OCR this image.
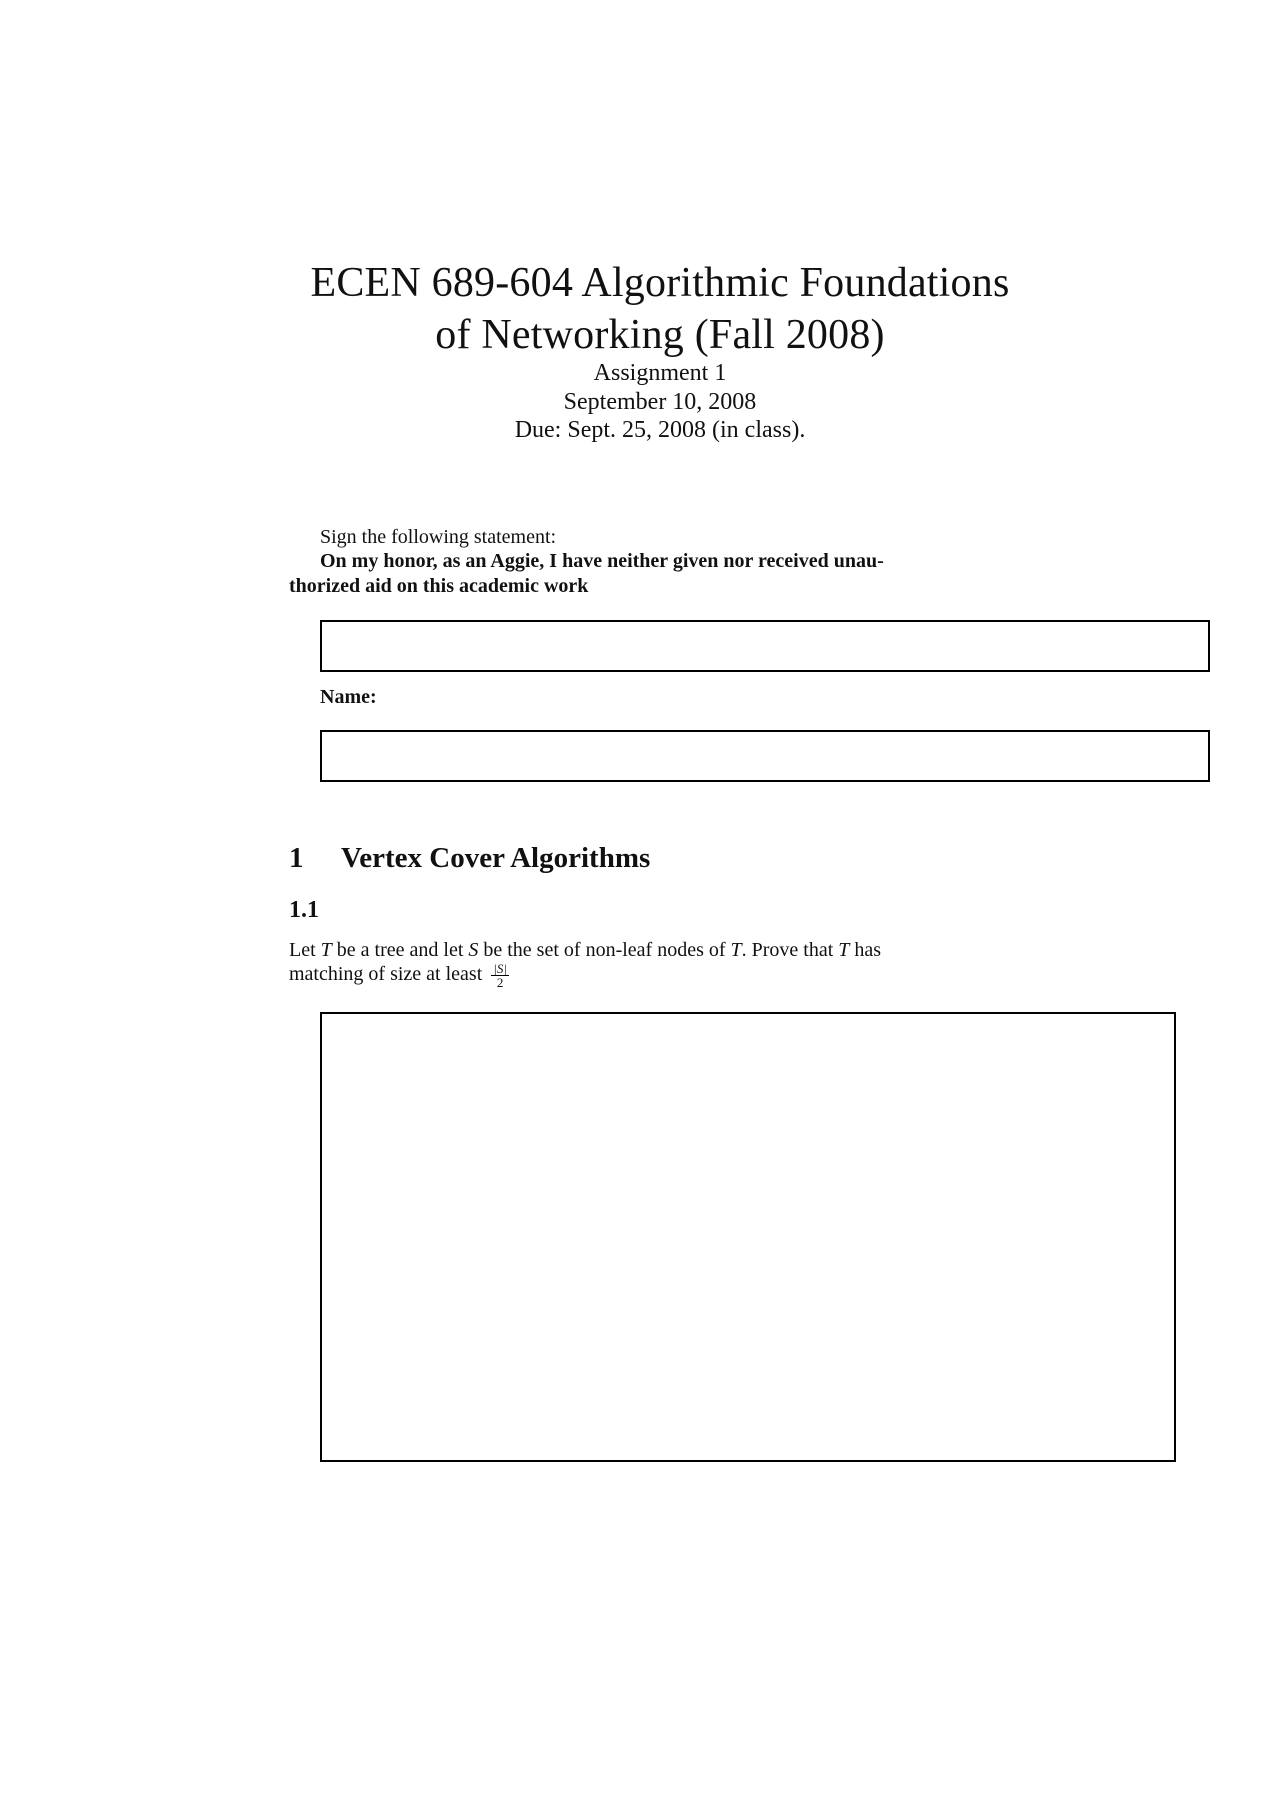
ECEN 689-604 Algorithmic Foundations
of Networking (Fall 2008)
Assignment 1
September 10, 2008
Due: Sept. 25, 2008 (in class).
Sign the following statement:
On my honor, as an Aggie, I have neither given nor received unau-
thorized aid on this academic work
Name:
1 Vertex Cover Algorithms
1.1
Let T be a tree and let S be the set of non-leaf nodes of T. Prove that T has
matching of size at least $\frac{|S|}{2}$
